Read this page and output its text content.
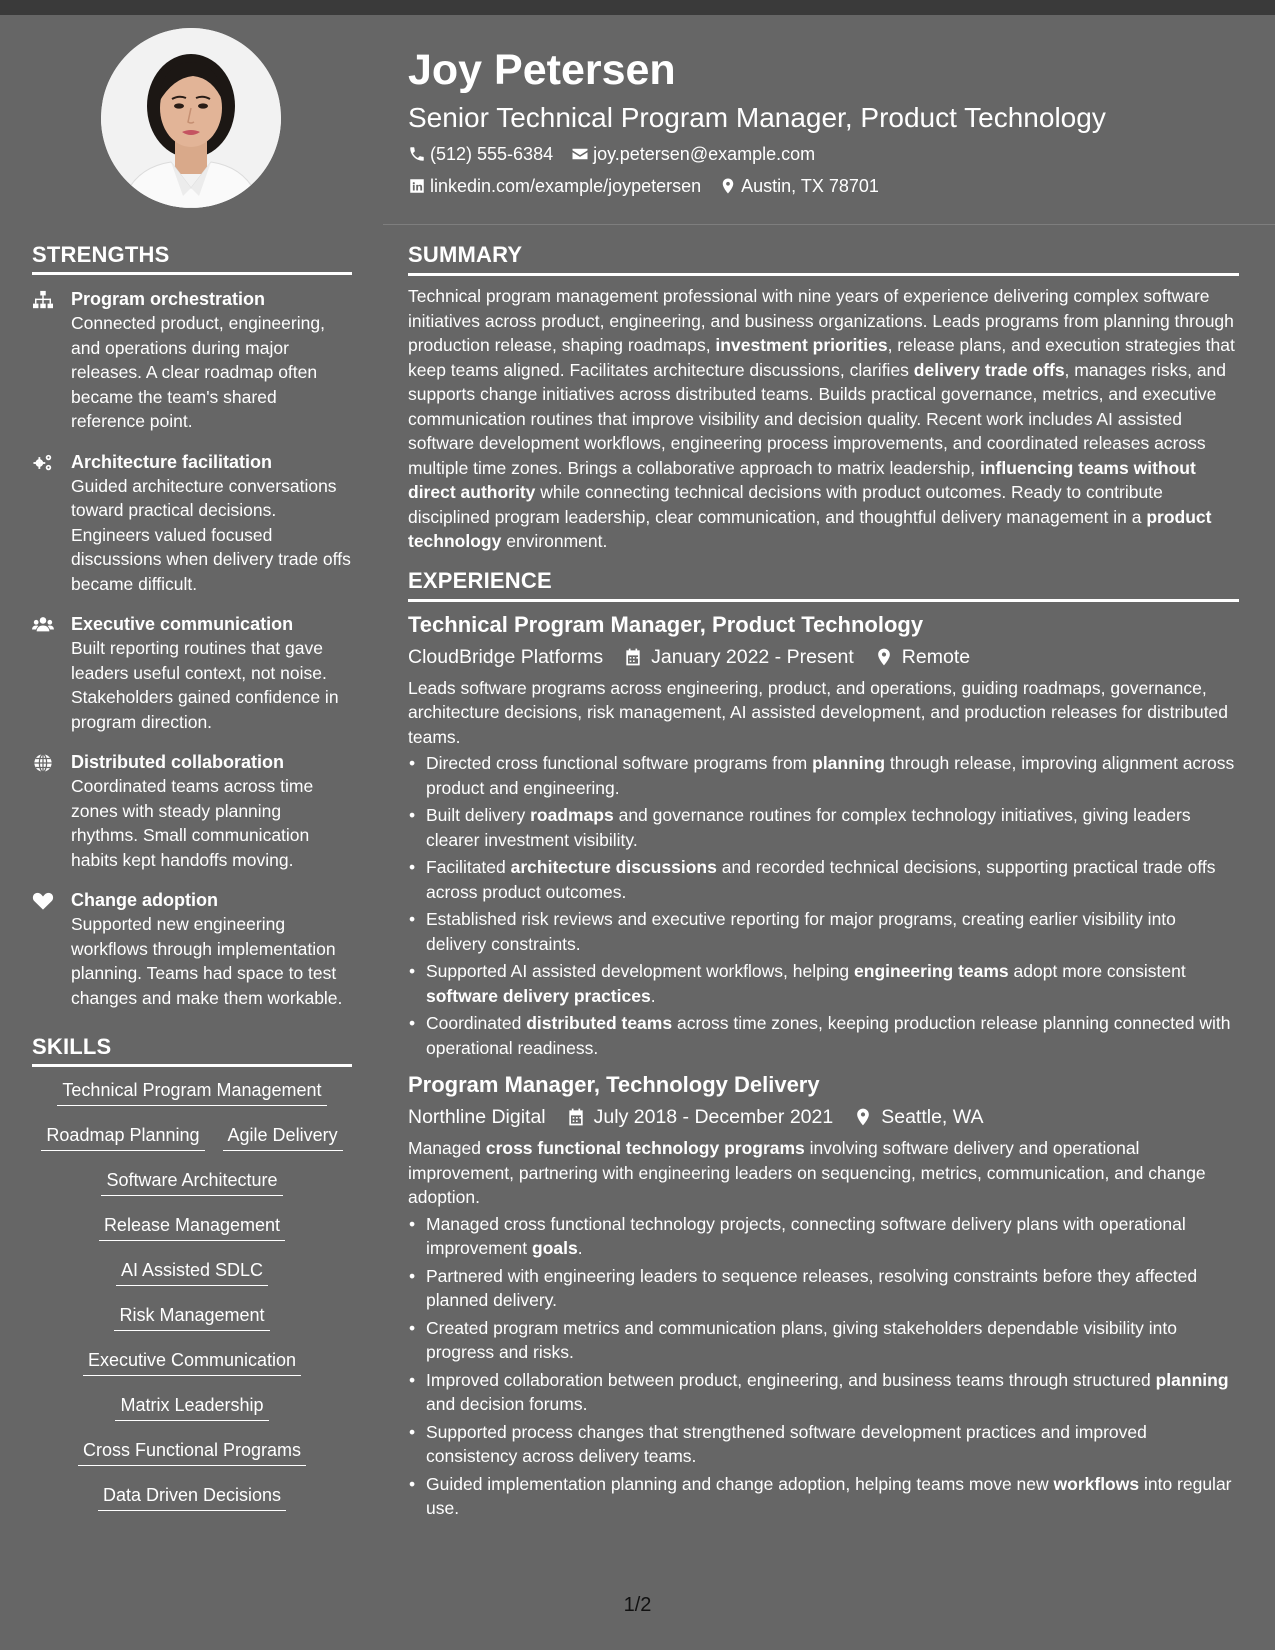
Joy Petersen
Senior Technical Program Manager, Product Technology
(512) 555-6384 joy.petersen@example.com
linkedin.com/example/joypetersen Austin, TX 78701
STRENGTHS
Program orchestration
Connected product, engineering, and operations during major releases. A clear roadmap often became the team's shared reference point.
Architecture facilitation
Guided architecture conversations toward practical decisions. Engineers valued focused discussions when delivery trade offs became difficult.
Executive communication
Built reporting routines that gave leaders useful context, not noise. Stakeholders gained confidence in program direction.
Distributed collaboration
Coordinated teams across time zones with steady planning rhythms. Small communication habits kept handoffs moving.
Change adoption
Supported new engineering workflows through implementation planning. Teams had space to test changes and make them workable.
SKILLS
Technical Program Management
Roadmap Planning Agile Delivery
Software Architecture
Release Management
AI Assisted SDLC
Risk Management
Executive Communication
Matrix Leadership
Cross Functional Programs
Data Driven Decisions
SUMMARY
Technical program management professional with nine years of experience delivering complex software initiatives across product, engineering, and business organizations. Leads programs from planning through production release, shaping roadmaps, investment priorities, release plans, and execution strategies that keep teams aligned. Facilitates architecture discussions, clarifies delivery trade offs, manages risks, and supports change initiatives across distributed teams. Builds practical governance, metrics, and executive communication routines that improve visibility and decision quality. Recent work includes AI assisted software development workflows, engineering process improvements, and coordinated releases across multiple time zones. Brings a collaborative approach to matrix leadership, influencing teams without direct authority while connecting technical decisions with product outcomes. Ready to contribute disciplined program leadership, clear communication, and thoughtful delivery management in a product technology environment.
EXPERIENCE
Technical Program Manager, Product Technology
CloudBridge Platforms January 2022 - Present Remote
Leads software programs across engineering, product, and operations, guiding roadmaps, governance, architecture decisions, risk management, AI assisted development, and production releases for distributed teams.
• Directed cross functional software programs from planning through release, improving alignment across product and engineering.
• Built delivery roadmaps and governance routines for complex technology initiatives, giving leaders clearer investment visibility.
• Facilitated architecture discussions and recorded technical decisions, supporting practical trade offs across product outcomes.
• Established risk reviews and executive reporting for major programs, creating earlier visibility into delivery constraints.
• Supported AI assisted development workflows, helping engineering teams adopt more consistent software delivery practices.
• Coordinated distributed teams across time zones, keeping production release planning connected with operational readiness.
Program Manager, Technology Delivery
Northline Digital July 2018 - December 2021 Seattle, WA
Managed cross functional technology programs involving software delivery and operational improvement, partnering with engineering leaders on sequencing, metrics, communication, and change adoption.
• Managed cross functional technology projects, connecting software delivery plans with operational improvement goals.
• Partnered with engineering leaders to sequence releases, resolving constraints before they affected planned delivery.
• Created program metrics and communication plans, giving stakeholders dependable visibility into progress and risks.
• Improved collaboration between product, engineering, and business teams through structured planning and decision forums.
• Supported process changes that strengthened software development practices and improved consistency across delivery teams.
• Guided implementation planning and change adoption, helping teams move new workflows into regular use.
1/2
